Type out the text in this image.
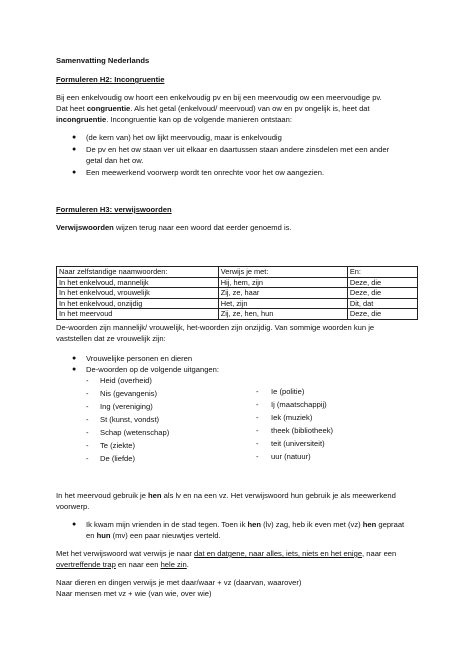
Samenvatting Nederlands
Formuleren H2: Incongruentie
Bij een enkelvoudig ow hoort een enkelvoudig pv en bij een meervoudig ow een meervoudige pv.
Dat heet congruentie. Als het getal (enkelvoud/ meervoud) van ow en pv ongelijk is, heet dat
incongruentie. Incongruentie kan op de volgende manieren ontstaan:
● (de kern van) het ow lijkt meervoudig, maar is enkelvoudig
● De pv en het ow staan ver uit elkaar en daartussen staan andere zinsdelen met een ander
getal dan het ow.
● Een meewerkend voorwerp wordt ten onrechte voor het ow aangezien.
Formuleren H3: verwijswoorden
Verwijswoorden wijzen terug naar een woord dat eerder genoemd is.
Naar zelfstandige naamwoorden:	Verwijs je met:	En:
In het enkelvoud, mannelijk	Hij, hem, zijn	Deze, die
In het enkelvoud, vrouwelijk	Zij, ze, haar	Deze, die
In het enkelvoud, onzijdig	Het, zijn	Dit, dat
In het meervoud	Zij, ze, hen, hun	Deze, die
De-woorden zijn mannelijk/ vrouwelijk, het-woorden zijn onzijdig. Van sommige woorden kun je
vaststellen dat ze vrouwelijk zijn:
● Vrouwelijke personen en dieren
● De-woorden op de volgende uitgangen:
- Heid (overheid)
- Nis (gevangenis)
- Ing (vereniging)
- St (kunst, vondst)
- Schap (wetenschap)
- Te (ziekte)
- De (liefde)
- Ie (politie)
- Ij (maatschappij)
- Iek (muziek)
- theek (bibliotheek)
- teit (universiteit)
- uur (natuur)
In het meervoud gebruik je hen als lv en na een vz. Het verwijswoord hun gebruik je als meewerkend
voorwerp.
● Ik kwam mijn vrienden in de stad tegen. Toen ik hen (lv) zag, heb ik even met (vz) hen gepraat
en hun (mv) een paar nieuwtjes verteld.
Met het verwijswoord wat verwijs je naar dat en datgene, naar alles, iets, niets en het enige, naar een
overtreffende trap en naar een hele zin.
Naar dieren en dingen verwijs je met daar/waar + vz (daarvan, waarover)
Naar mensen met vz + wie (van wie, over wie)
